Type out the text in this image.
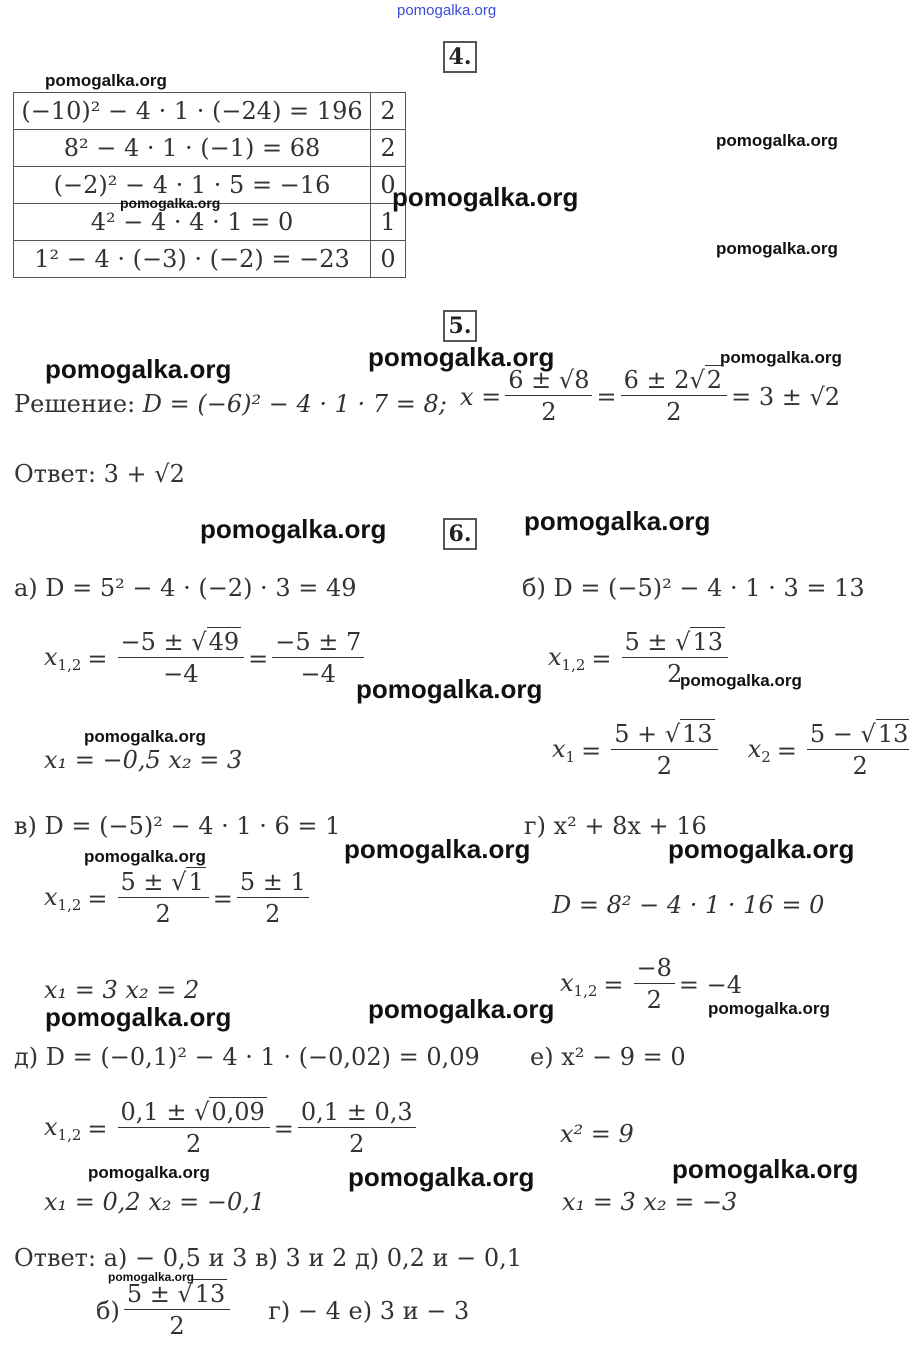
pomogalka.org
4.
pomogalka.org
(−10)² − 4 · 1 · (−24) = 196	2
8² − 4 · 1 · (−1) = 68	2
(−2)² − 4 · 1 · 5 = −16	0
4² − 4 · 4 · 1 = 0	1
1² − 4 · (−3) · (−2) = −23	0
pomogalka.org	pomogalka.org
pomogalka.org
pomogalka.org
5.
pomogalka.org	pomogalka.org	pomogalka.org
Решение: D = (−6)² − 4 · 1 · 7 = 8; $x = \frac{6 \pm √8}{2} = \frac{6 \pm 2√2}{2} = 3 \pm √2$
Ответ: 3 + √2
pomogalka.org	6. pomogalka.org
а) D = 5² − 4 · (−2) · 3 = 49
$x_{1,2} = \frac{-5 \pm √49}{-4} = \frac{-5 \pm 7}{-4}$
pomogalka.org
x₁ = −0,5 x₂ = 3
pomogalka.org
б) D = (−5)² − 4 · 1 · 3 = 13
$x_{1,2} = \frac{5 \pm √13}{2}$
pomogalka.org
$x_1 = \frac{5 + √13}{2} x_2 = \frac{5 - √13}{2}$
в) D = (−5)² − 4 · 1 · 6 = 1
pomogalka.org
$x_{1,2} = \frac{5 \pm √1}{2} = \frac{5 \pm 1}{2}$
x₁ = 3 x₂ = 2
pomogalka.org
pomogalka.org
г) x² + 8x + 16
pomogalka.org
D = 8² − 4 · 1 · 16 = 0
$x_{1,2} = \frac{-8}{2} = -4$
pomogalka.org
pomogalka.org
д) D = (−0,1)² − 4 · 1 · (−0,02) = 0,09
$x_{1,2} = \frac{0,1 \pm √0,09}{2} = \frac{0,1 \pm 0,3}{2}$
pomogalka.org
x₁ = 0,2 x₂ = −0,1
pomogalka.org
е) x² − 9 = 0
x² = 9
pomogalka.org
x₁ = 3 x₂ = −3
Ответ: а) − 0,5 и 3 в) 3 и 2 д) 0,2 и − 0,1
pomogalka.org
$б) \frac{5 \pm √13}{2} г) - 4$ е) 3 и − 3
